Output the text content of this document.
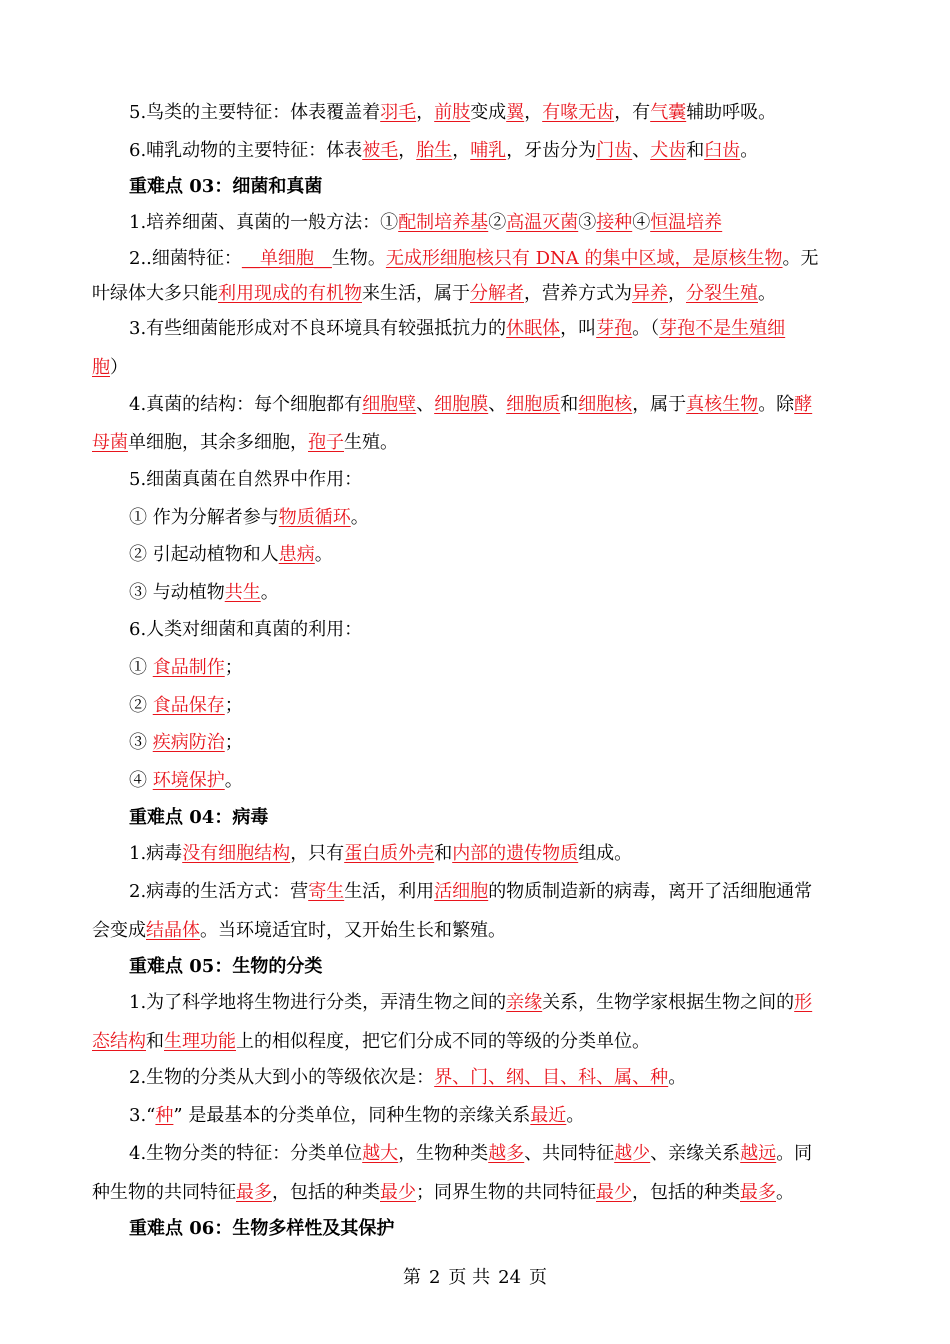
5.鸟类的主要特征：体表覆盖着羽毛，前肢变成翼，有喙无齿，有气囊辅助呼吸。
6.哺乳动物的主要特征：体表被毛，胎生，哺乳，牙齿分为门齿、犬齿和臼齿。
重难点 03：细菌和真菌
1.培养细菌、真菌的一般方法：①配制培养基②高温灭菌③接种④恒温培养
2..细菌特征：__单细胞__生物。无成形细胞核只有 DNA 的集中区域，是原核生物。无
叶绿体大多只能利用现成的有机物来生活，属于分解者，营养方式为异养，分裂生殖。
3.有些细菌能形成对不良环境具有较强抵抗力的休眠体，叫芽孢。（芽孢不是生殖细
胞）
4.真菌的结构：每个细胞都有细胞壁、细胞膜、细胞质和细胞核，属于真核生物。除酵
母菌单细胞，其余多细胞，孢子生殖。
5.细菌真菌在自然界中作用：
① 作为分解者参与物质循环。
② 引起动植物和人患病。
③ 与动植物共生。
6.人类对细菌和真菌的利用：
① 食品制作；
② 食品保存；
③ 疾病防治；
④ 环境保护。
重难点 04：病毒
1.病毒没有细胞结构，只有蛋白质外壳和内部的遗传物质组成。
2.病毒的生活方式：营寄生生活，利用活细胞的物质制造新的病毒，离开了活细胞通常
会变成结晶体。当环境适宜时，又开始生长和繁殖。
重难点 05：生物的分类
1.为了科学地将生物进行分类，弄清生物之间的亲缘关系，生物学家根据生物之间的形
态结构和生理功能上的相似程度，把它们分成不同的等级的分类单位。
2.生物的分类从大到小的等级依次是：界、门、纲、目、科、属、种。
3.“种” 是最基本的分类单位，同种生物的亲缘关系最近。
4.生物分类的特征：分类单位越大，生物种类越多、共同特征越少、亲缘关系越远。同
种生物的共同特征最多，包括的种类最少；同界生物的共同特征最少，包括的种类最多。
重难点 06：生物多样性及其保护
第 2 页 共 24 页
